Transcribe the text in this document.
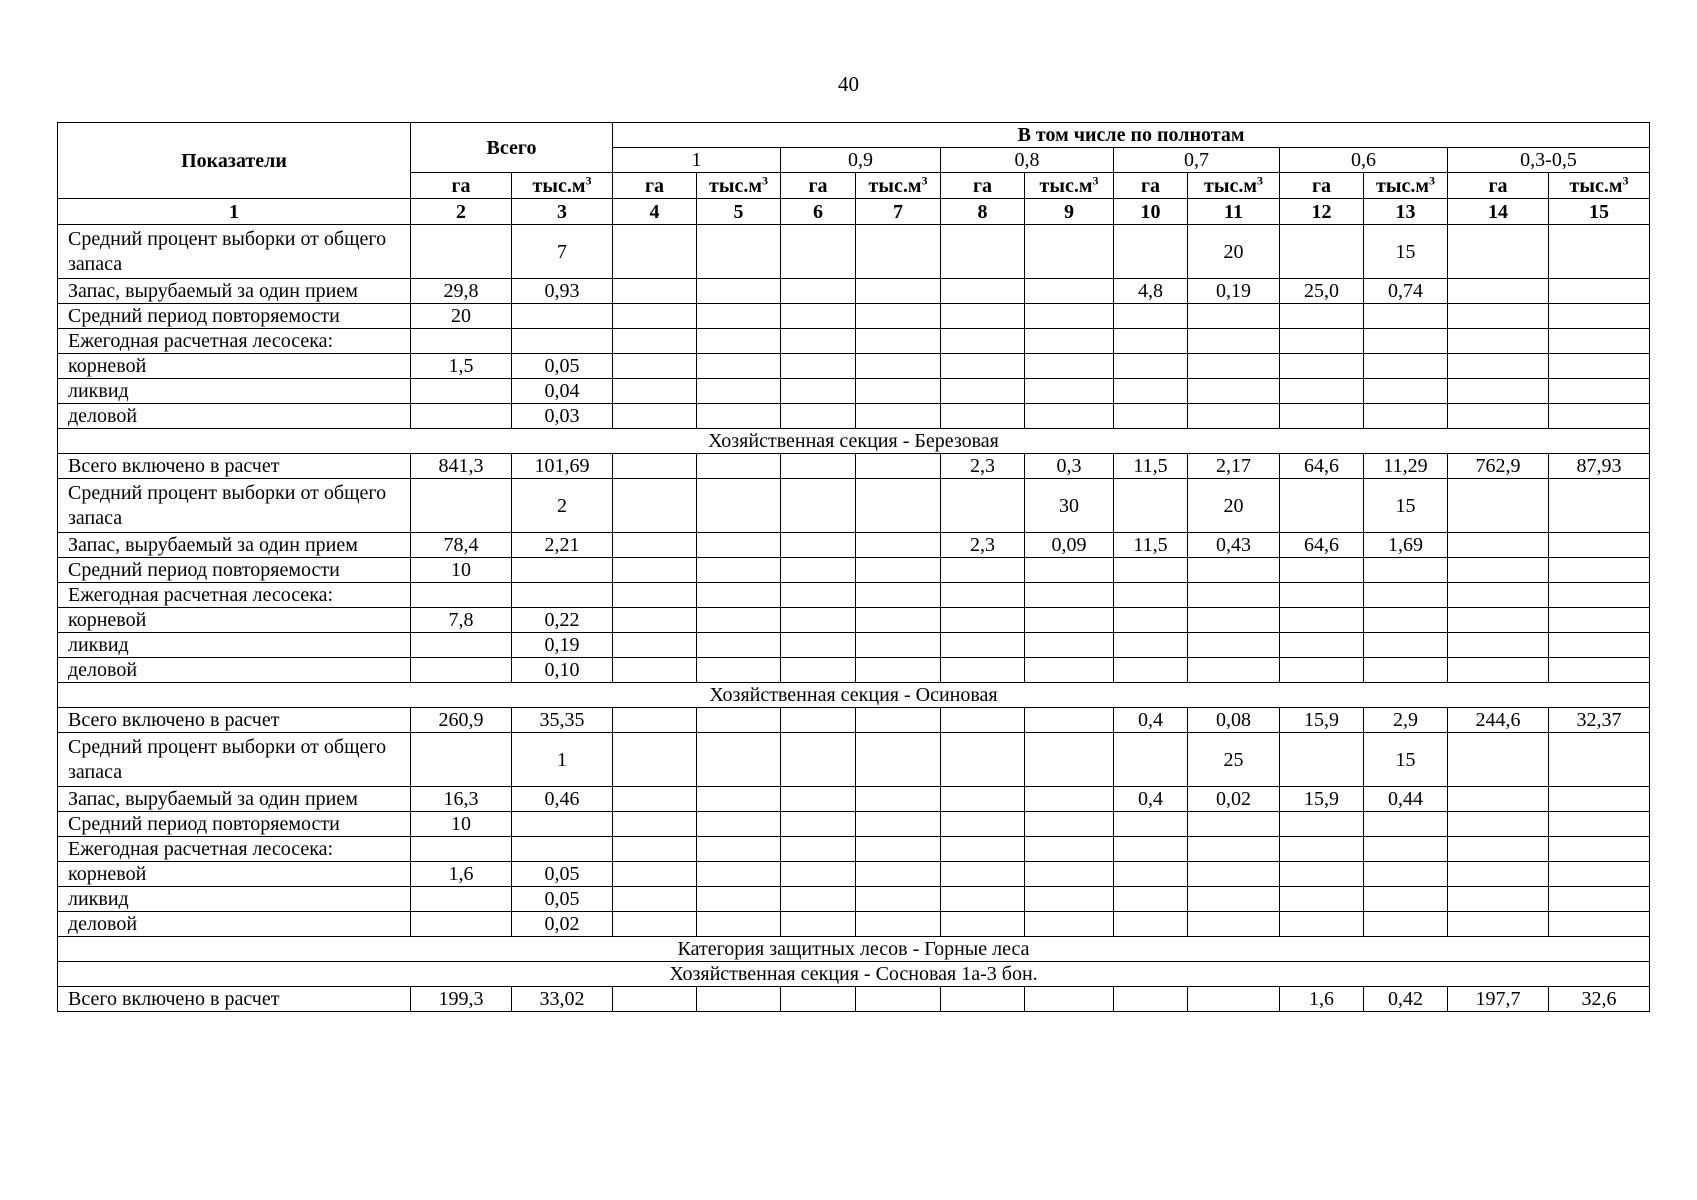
40
Показатели	Всего		В том числе по полнотам											
			1		0,9		0,8		0,7		0,6		0,3-0,5	
	га	$тыс.м^3$	га	$тыс.м^3$	га	$тыс.м^3$	га	$тыс.м^3$	га	$тыс.м^3$	га	$тыс.м^3$	га	$тыс.м^3$
1	2	3	4	5	6	7	8	9	10	11	12	13	14	15
Средний процент выборки от общего запаса		7								20		15		
Запас, вырубаемый за один прием	29,8	0,93							4,8	0,19	25,0	0,74		
Средний период повторяемости	20													
Ежегодная расчетная лесосека:														
корневой	1,5	0,05												
ликвид		0,04												
деловой		0,03												
Хозяйственная секция - Березовая														
Всего включено в расчет	841,3	101,69					2,3	0,3	11,5	2,17	64,6	11,29	762,9	87,93
Средний процент выборки от общего запаса		2						30		20		15		
Запас, вырубаемый за один прием	78,4	2,21					2,3	0,09	11,5	0,43	64,6	1,69		
Средний период повторяемости	10													
Ежегодная расчетная лесосека:														
корневой	7,8	0,22												
ликвид		0,19												
деловой		0,10												
Хозяйственная секция - Осиновая														
Всего включено в расчет	260,9	35,35							0,4	0,08	15,9	2,9	244,6	32,37
Средний процент выборки от общего запаса		1								25		15		
Запас, вырубаемый за один прием	16,3	0,46							0,4	0,02	15,9	0,44		
Средний период повторяемости	10													
Ежегодная расчетная лесосека:														
корневой	1,6	0,05												
ликвид		0,05												
деловой		0,02												
Категория защитных лесов - Горные леса														
Хозяйственная секция - Сосновая 1а-3 бон.														
Всего включено в расчет	199,3	33,02									1,6	0,42	197,7	32,6
